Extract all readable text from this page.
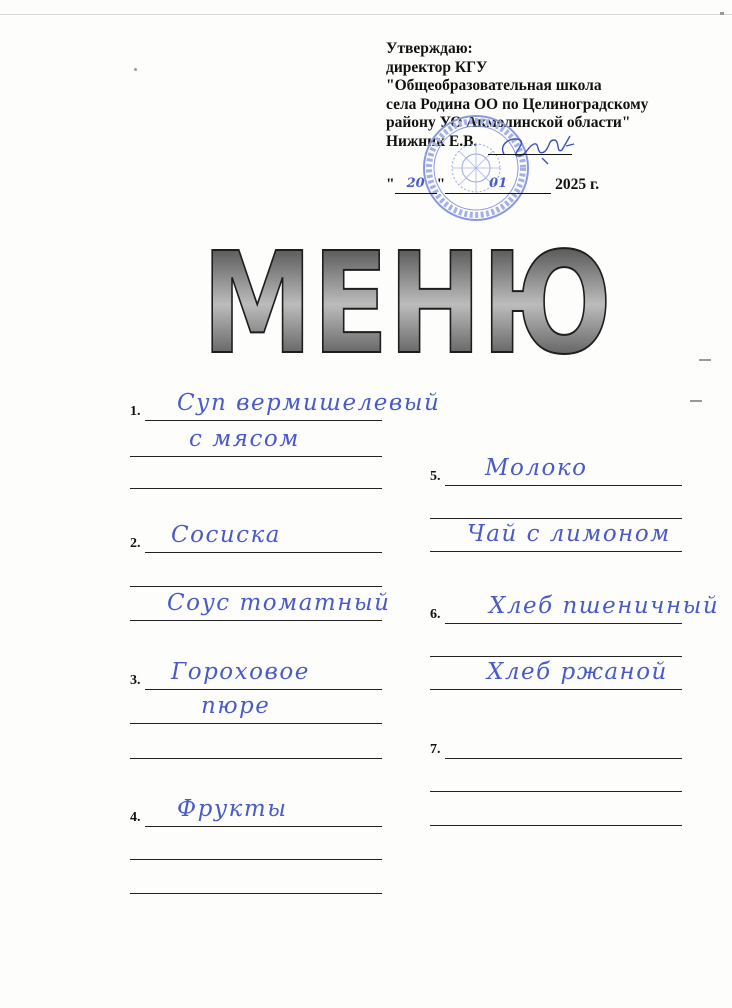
Утверждаю:
директор КГУ
"Общеобразовательная школа
села Родина ОО по Целиноградскому
району УО Акмолинской области"
Нижник Е.В.
" 20 "	01	2025 г.
МЕНЮ
1. Суп вермишелевый
с мясом
2. Сосиска
Соус томатный
3. Гороховое
пюре
4. Фрукты
5. Молоко
Чай с лимоном
6. Хлеб пшеничный
Хлеб ржаной
7.
